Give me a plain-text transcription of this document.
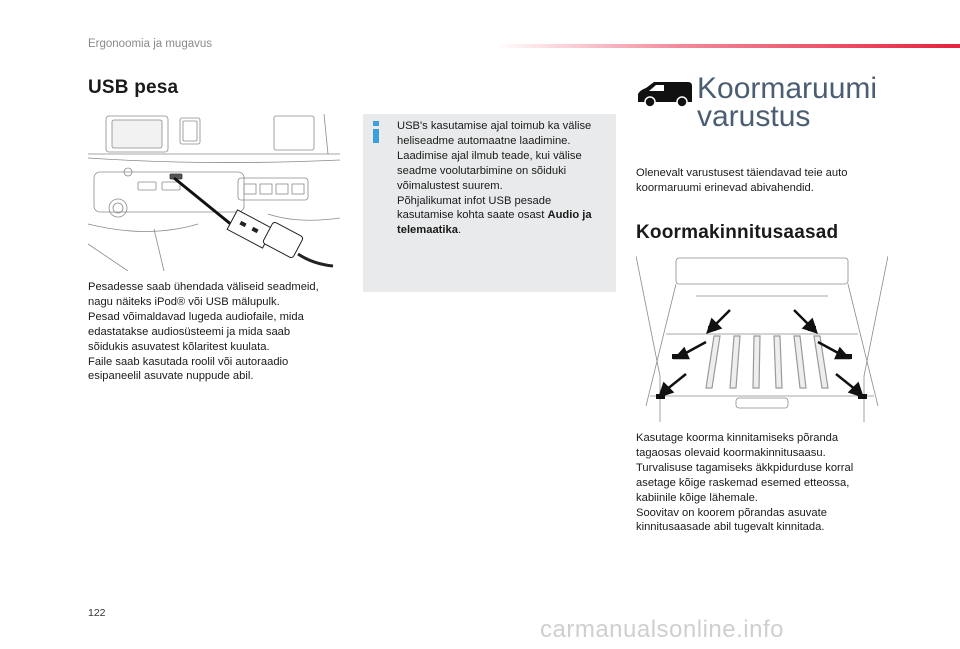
Ergonoomia ja mugavus
USB pesa
Pesadesse saab ühendada väliseid seadmeid,
nagu näiteks iPod® või USB mälupulk.
Pesad võimaldavad lugeda audiofaile, mida
edastatakse audiosüsteemi ja mida saab
sõidukis asuvatest kõlaritest kuulata.
Faile saab kasutada roolil või autoraadio
esipaneelil asuvate nuppude abil.
USB's kasutamise ajal toimub ka välise
heliseadme automaatne laadimine.
Laadimise ajal ilmub teade, kui välise
seadme voolutarbimine on sõiduki
võimalustest suurem.
Põhjalikumat infot USB pesade
kasutamise kohta saate osast Audio ja
telemaatika.
Koormaruumi
varustus
Olenevalt varustusest täiendavad teie auto
koormaruumi erinevad abivahendid.
Koormakinnitusaasad
Kasutage koorma kinnitamiseks põranda
tagaosas olevaid koormakinnitusaasu.
Turvalisuse tagamiseks äkkpidurduse korral
asetage kõige raskemad esemed etteossa,
kabiinile kõige lähemale.
Soovitav on koorem põrandas asuvate
kinnitusaasade abil tugevalt kinnitada.
122
carmanualsonline.info
